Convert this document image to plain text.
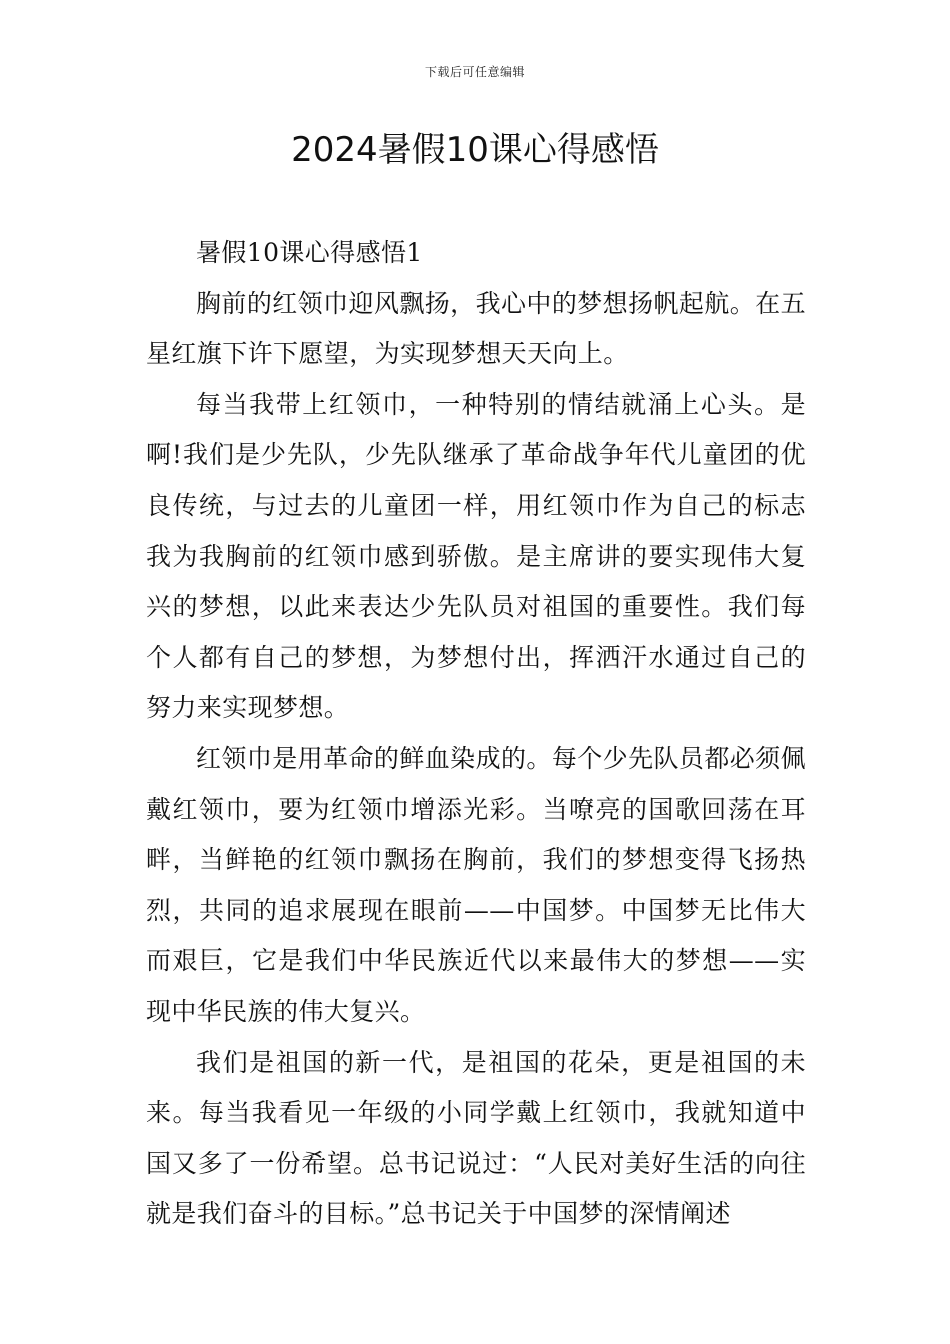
下载后可任意编辑
2024暑假10课心得感悟

暑假10课心得感悟1

胸前的红领巾迎风飘扬，我心中的梦想扬帆起航。在五星红旗下许下愿望，为实现梦想天天向上。

每当我带上红领巾，一种特别的情结就涌上心头。是啊!我们是少先队，少先队继承了革命战争年代儿童团的优良传统，与过去的儿童团一样，用红领巾作为自己的标志我为我胸前的红领巾感到骄傲。是主席讲的要实现伟大复兴的梦想，以此来表达少先队员对祖国的重要性。我们每个人都有自己的梦想，为梦想付出，挥洒汗水通过自己的努力来实现梦想。

红领巾是用革命的鲜血染成的。每个少先队员都必须佩戴红领巾，要为红领巾增添光彩。当嘹亮的国歌回荡在耳畔，当鲜艳的红领巾飘扬在胸前，我们的梦想变得飞扬热烈，共同的追求展现在眼前——中国梦。中国梦无比伟大而艰巨，它是我们中华民族近代以来最伟大的梦想——实现中华民族的伟大复兴。

我们是祖国的新一代，是祖国的花朵，更是祖国的未来。每当我看见一年级的小同学戴上红领巾，我就知道中国又多了一份希望。总书记说过：“人民对美好生活的向往就是我们奋斗的目标。”总书记关于中国梦的深情阐述
